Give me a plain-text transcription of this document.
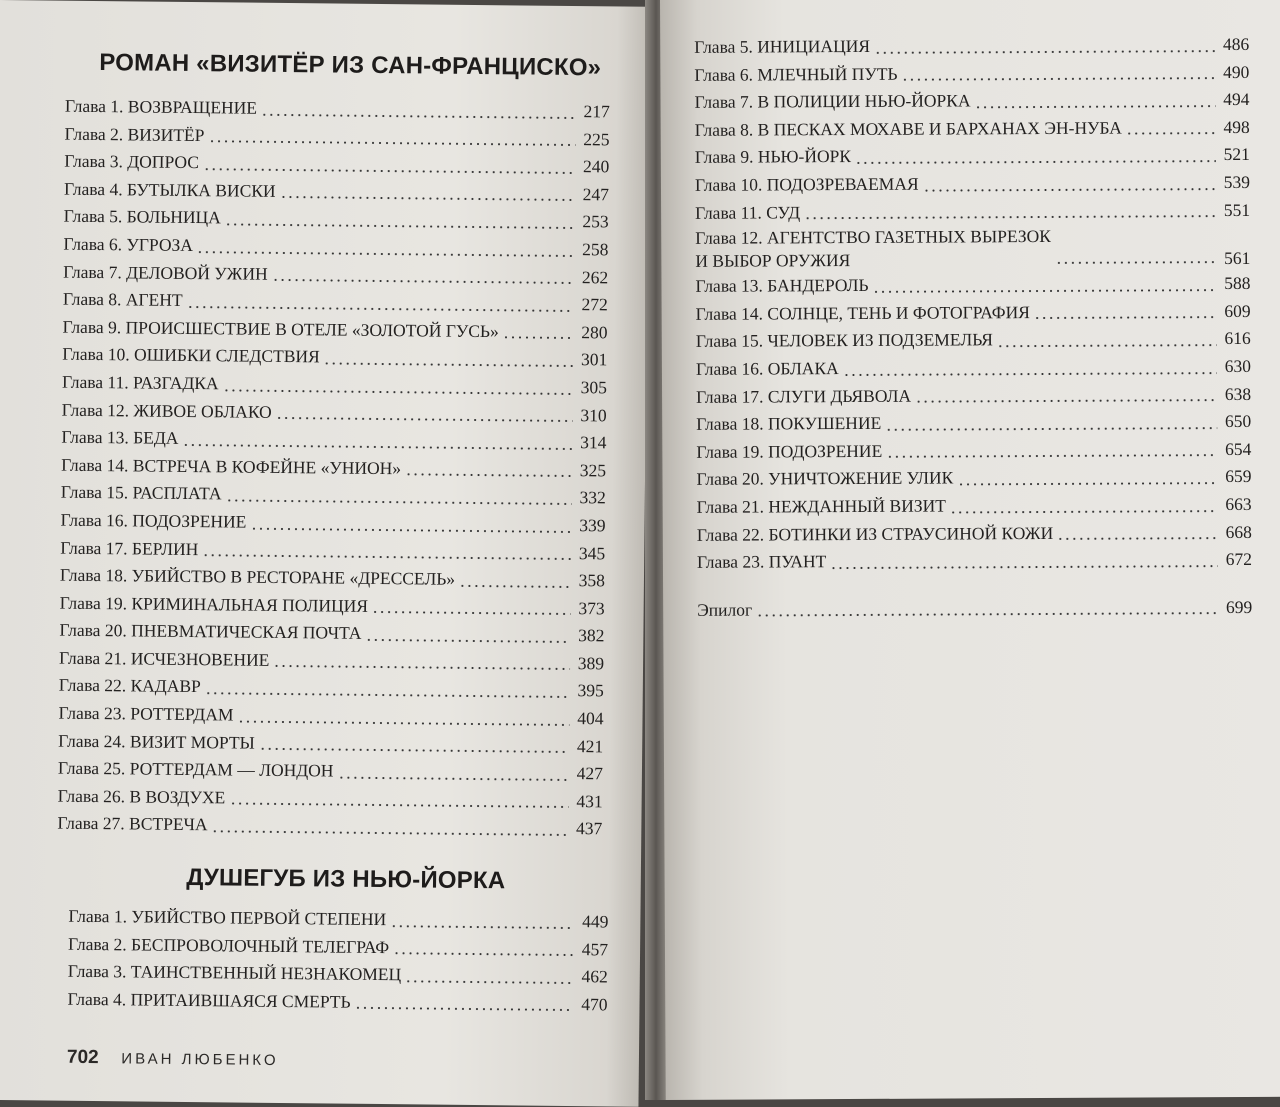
РОМАН «ВИЗИТЁР ИЗ САН-ФРАНЦИСКО»
Глава 1. ВОЗВРАЩЕНИЕ	217
Глава 2. ВИЗИТЁР	225
Глава 3. ДОПРОС	240
Глава 4. БУТЫЛКА ВИСКИ	247
Глава 5. БОЛЬНИЦА	253
Глава 6. УГРОЗА	258
Глава 7. ДЕЛОВОЙ УЖИН	262
Глава 8. АГЕНТ	272
Глава 9. ПРОИСШЕСТВИЕ В ОТЕЛЕ «ЗОЛОТОЙ ГУСЬ»	280
Глава 10. ОШИБКИ СЛЕДСТВИЯ	301
Глава 11. РАЗГАДКА	305
Глава 12. ЖИВОЕ ОБЛАКО	310
Глава 13. БЕДА	314
Глава 14. ВСТРЕЧА В КОФЕЙНЕ «УНИОН»	325
Глава 15. РАСПЛАТА	332
Глава 16. ПОДОЗРЕНИЕ	339
Глава 17. БЕРЛИН	345
Глава 18. УБИЙСТВО В РЕСТОРАНЕ «ДРЕССЕЛЬ»	358
Глава 19. КРИМИНАЛЬНАЯ ПОЛИЦИЯ	373
Глава 20. ПНЕВМАТИЧЕСКАЯ ПОЧТА	382
Глава 21. ИСЧЕЗНОВЕНИЕ	389
Глава 22. КАДАВР	395
Глава 23. РОТТЕРДАМ	404
Глава 24. ВИЗИТ МОРТЫ	421
Глава 25. РОТТЕРДАМ — ЛОНДОН	427
Глава 26. В ВОЗДУХЕ	431
Глава 27. ВСТРЕЧА	437
ДУШЕГУБ ИЗ НЬЮ-ЙОРКА
Глава 1. УБИЙСТВО ПЕРВОЙ СТЕПЕНИ	449
Глава 2. БЕСПРОВОЛОЧНЫЙ ТЕЛЕГРАФ	457
Глава 3. ТАИНСТВЕННЫЙ НЕЗНАКОМЕЦ	462
Глава 4. ПРИТАИВШАЯСЯ СМЕРТЬ	470
702 ИВАН ЛЮБЕНКО
Глава 5. ИНИЦИАЦИЯ	486
Глава 6. МЛЕЧНЫЙ ПУТЬ	490
Глава 7. В ПОЛИЦИИ НЬЮ-ЙОРКА	494
Глава 8. В ПЕСКАХ МОХАВЕ И БАРХАНАХ ЭН-НУБА	498
Глава 9. НЬЮ-ЙОРК	521
Глава 10. ПОДОЗРЕВАЕМАЯ	539
Глава 11. СУД	551
Глава 12. АГЕНТСТВО ГАЗЕТНЫХ ВЫРЕЗОК
И ВЫБОР ОРУЖИЯ	561
Глава 13. БАНДЕРОЛЬ	588
Глава 14. СОЛНЦЕ, ТЕНЬ И ФОТОГРАФИЯ	609
Глава 15. ЧЕЛОВЕК ИЗ ПОДЗЕМЕЛЬЯ	616
Глава 16. ОБЛАКА	630
Глава 17. СЛУГИ ДЬЯВОЛА	638
Глава 18. ПОКУШЕНИЕ	650
Глава 19. ПОДОЗРЕНИЕ	654
Глава 20. УНИЧТОЖЕНИЕ УЛИК	659
Глава 21. НЕЖДАННЫЙ ВИЗИТ	663
Глава 22. БОТИНКИ ИЗ СТРАУСИНОЙ КОЖИ	668
Глава 23. ПУАНТ	672
Эпилог	699
